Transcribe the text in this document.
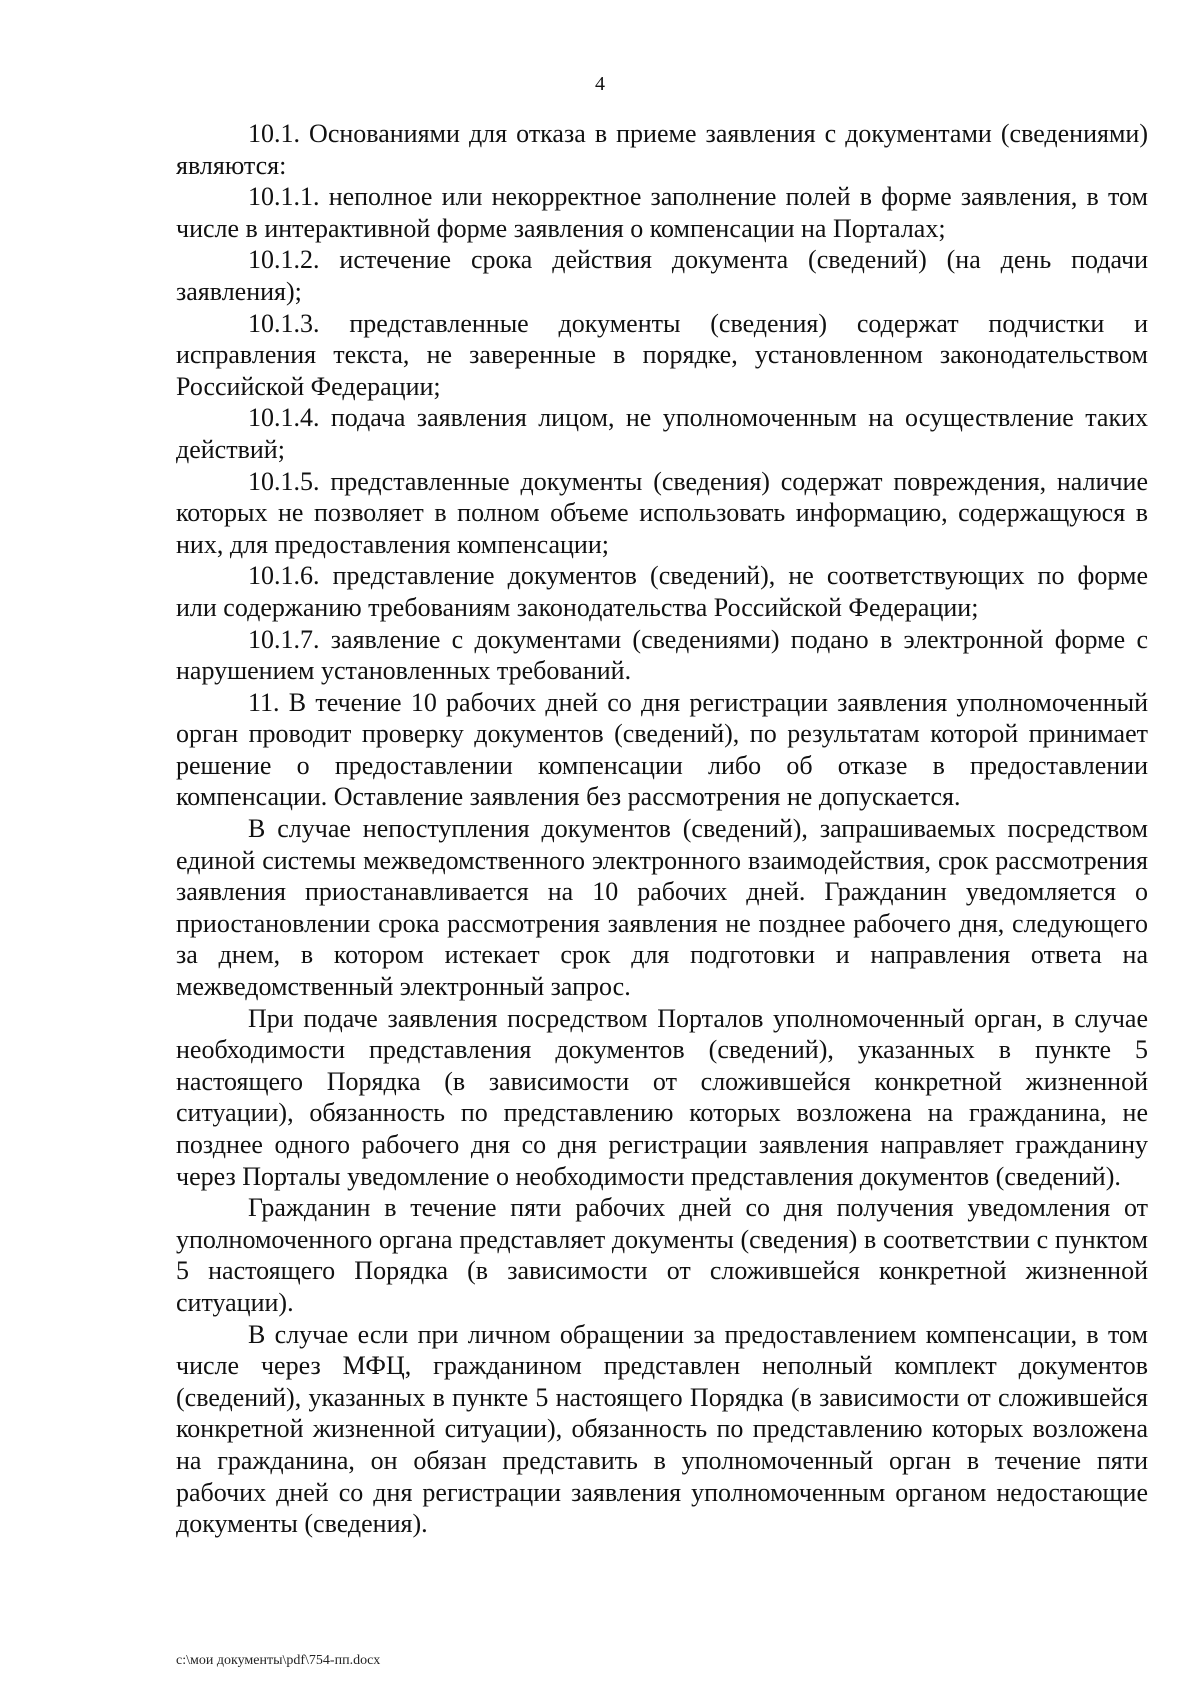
4

10.1. Основаниями для отказа в приеме заявления с документами (сведениями) являются:

10.1.1. неполное или некорректное заполнение полей в форме заявления, в том числе в интерактивной форме заявления о компенсации на Порталах;

10.1.2. истечение срока действия документа (сведений) (на день подачи заявления);

10.1.3. представленные документы (сведения) содержат подчистки и исправления текста, не заверенные в порядке, установленном законодательством Российской Федерации;

10.1.4. подача заявления лицом, не уполномоченным на осуществление таких действий;

10.1.5. представленные документы (сведения) содержат повреждения, наличие которых не позволяет в полном объеме использовать информацию, содержащуюся в них, для предоставления компенсации;

10.1.6. представление документов (сведений), не соответствующих по форме или содержанию требованиям законодательства Российской Федерации;

10.1.7. заявление с документами (сведениями) подано в электронной форме с нарушением установленных требований.

11. В течение 10 рабочих дней со дня регистрации заявления уполномоченный орган проводит проверку документов (сведений), по результатам которой принимает решение о предоставлении компенсации либо об отказе в предоставлении компенсации. Оставление заявления без рассмотрения не допускается.

В случае непоступления документов (сведений), запрашиваемых посредством единой системы межведомственного электронного взаимодействия, срок рассмотрения заявления приостанавливается на 10 рабочих дней. Гражданин уведомляется о приостановлении срока рассмотрения заявления не позднее рабочего дня, следующего за днем, в котором истекает срок для подготовки и направления ответа на межведомственный электронный запрос.

При подаче заявления посредством Порталов уполномоченный орган, в случае необходимости представления документов (сведений), указанных в пункте 5 настоящего Порядка (в зависимости от сложившейся конкретной жизненной ситуации), обязанность по представлению которых возложена на гражданина, не позднее одного рабочего дня со дня регистрации заявления направляет гражданину через Порталы уведомление о необходимости представления документов (сведений).

Гражданин в течение пяти рабочих дней со дня получения уведомления от уполномоченного органа представляет документы (сведения) в соответствии с пунктом 5 настоящего Порядка (в зависимости от сложившейся конкретной жизненной ситуации).

В случае если при личном обращении за предоставлением компенсации, в том числе через МФЦ, гражданином представлен неполный комплект документов (сведений), указанных в пункте 5 настоящего Порядка (в зависимости от сложившейся конкретной жизненной ситуации), обязанность по представлению которых возложена на гражданина, он обязан представить в уполномоченный орган в течение пяти рабочих дней со дня регистрации заявления уполномоченным органом недостающие документы (сведения).

c:\мои документы\pdf\754-пп.docx
